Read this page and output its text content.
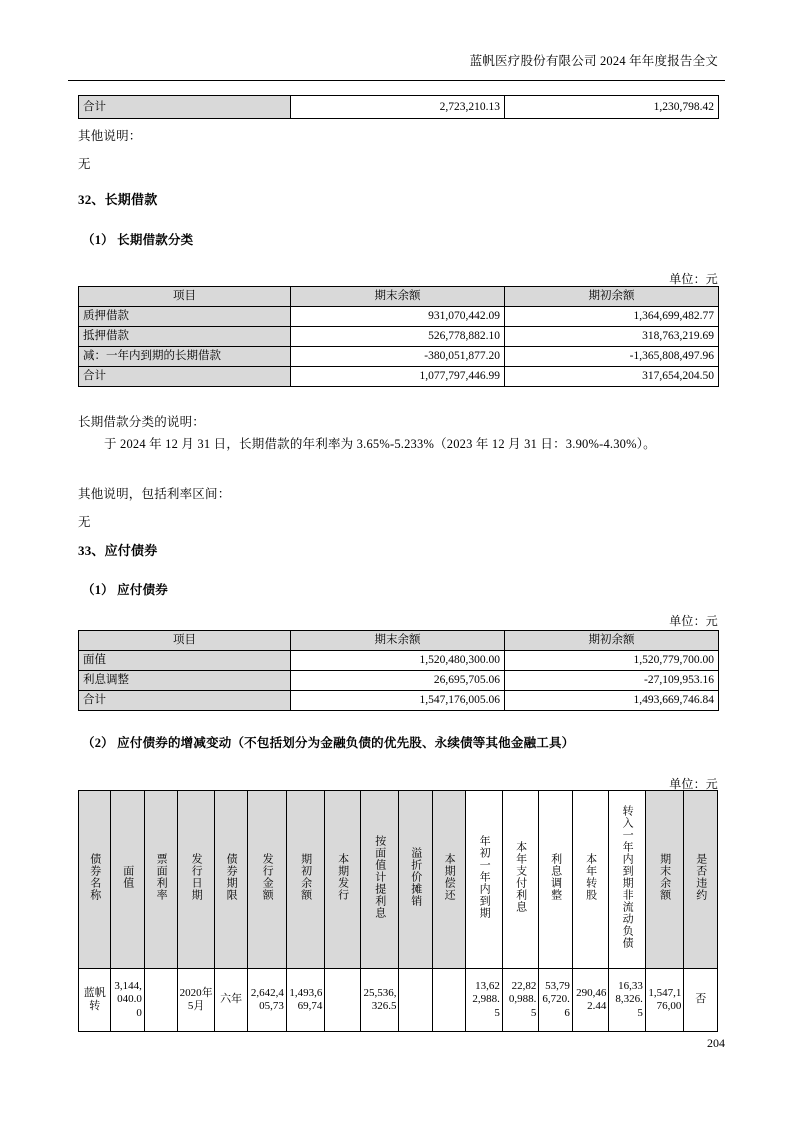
蓝帆医疗股份有限公司 2024 年年度报告全文
合计	2,723,210.13	1,230,798.42
其他说明：
无
32、长期借款
（1） 长期借款分类
单位：元
项目	期末余额	期初余额
质押借款	931,070,442.09	1,364,699,482.77
抵押借款	526,778,882.10	318,763,219.69
减：一年内到期的长期借款	-380,051,877.20	-1,365,808,497.96
合计	1,077,797,446.99	317,654,204.50
长期借款分类的说明：
于 2024 年 12 月 31 日，长期借款的年利率为 3.65%-5.233%（2023 年 12 月 31 日：3.90%-4.30%）。
其他说明，包括利率区间：
无
33、应付债券
（1） 应付债券
单位：元
项目	期末余额	期初余额
面值	1,520,480,300.00	1,520,779,700.00
利息调整	26,695,705.06	-27,109,953.16
合计	1,547,176,005.06	1,493,669,746.84
（2） 应付债券的增减变动（不包括划分为金融负债的优先股、永续债等其他金融工具）
单位：元
债券名称	面值	票面利率	发行日期	债券期限	发行金额	期初余额	本期发行	按面值计提利息	溢折价摊销	本期偿还	年初一年内到期	本年支付利息	利息调整	本年转股	转入一年内到期非流动负债	期末余额	是否违约
蓝帆转	3,144,040.00		2020年5月	六年	2,642,405,73	1,493,669,74		25,536,326.5			13,622,988.5	22,820,988.5	53,796,720.6	290,462.44	16,338,326.5	1,547,176,00	否
204
